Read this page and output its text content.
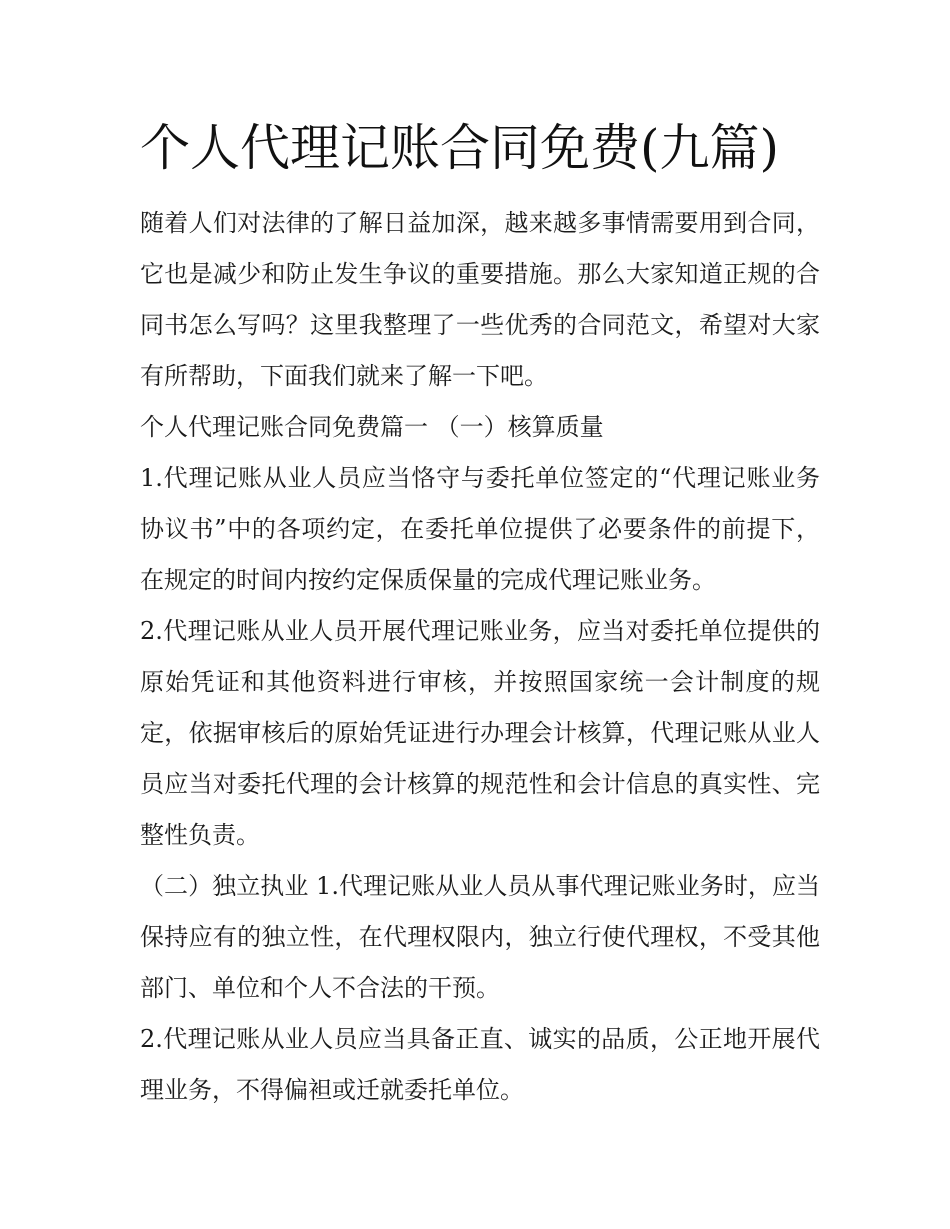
个人代理记账合同免费(九篇)

随着人们对法律的了解日益加深，越来越多事情需要用到合同，它也是减少和防止发生争议的重要措施。那么大家知道正规的合同书怎么写吗？这里我整理了一些优秀的合同范文，希望对大家有所帮助，下面我们就来了解一下吧。

个人代理记账合同免费篇一 （一）核算质量

1.代理记账从业人员应当恪守与委托单位签定的“代理记账业务协议书”中的各项约定，在委托单位提供了必要条件的前提下，在规定的时间内按约定保质保量的完成代理记账业务。

2.代理记账从业人员开展代理记账业务，应当对委托单位提供的原始凭证和其他资料进行审核，并按照国家统一会计制度的规定，依据审核后的原始凭证进行办理会计核算，代理记账从业人员应当对委托代理的会计核算的规范性和会计信息的真实性、完整性负责。

（二）独立执业 1.代理记账从业人员从事代理记账业务时，应当保持应有的独立性，在代理权限内，独立行使代理权，不受其他部门、单位和个人不合法的干预。

2.代理记账从业人员应当具备正直、诚实的品质，公正地开展代理业务，不得偏袒或迁就委托单位。
